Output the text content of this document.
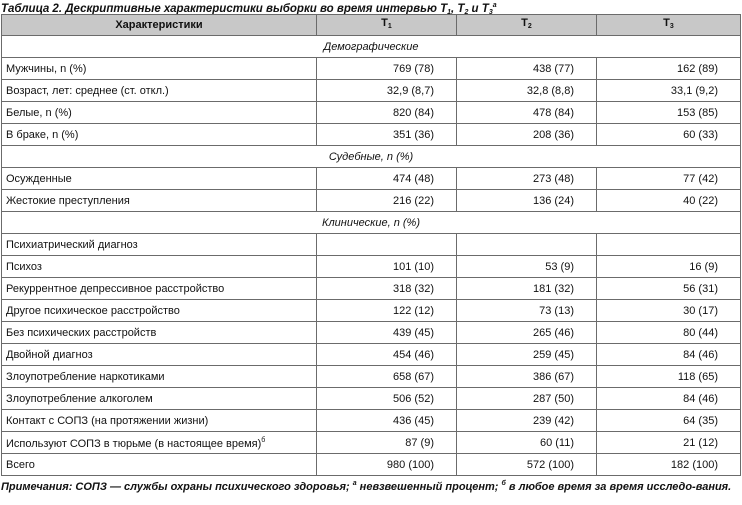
Таблица 2. Дескриптивные характеристики выборки во время интервью $T_1$, $T_2$ и $T_3^а$
Характеристики	$T_1$	$T_2$	$T_3$
Демографические			
Мужчины, n (%)	769 (78)	438 (77)	162 (89)
Возраст, лет: среднее (ст. откл.)	32,9 (8,7)	32,8 (8,8)	33,1 (9,2)
Белые, n (%)	820 (84)	478 (84)	153 (85)
В браке, n (%)	351 (36)	208 (36)	60 (33)
Судебные, n (%)			
Осужденные	474 (48)	273 (48)	77 (42)
Жестокие преступления	216 (22)	136 (24)	40 (22)
Клинические, n (%)			
Психиатрический диагноз			
Психоз	101 (10)	53 (9)	16 (9)
Рекуррентное депрессивное расстройство	318 (32)	181 (32)	56 (31)
Другое психическое расстройство	122 (12)	73 (13)	30 (17)
Без психических расстройств	439 (45)	265 (46)	80 (44)
Двойной диагноз	454 (46)	259 (45)	84 (46)
Злоупотребление наркотиками	658 (67)	386 (67)	118 (65)
Злоупотребление алкоголем	506 (52)	287 (50)	84 (46)
Контакт с СОПЗ (на протяжении жизни)	436 (45)	239 (42)	64 (35)
Используют СОПЗ в тюрьме (в настоящее время)$^б$	87 (9)	60 (11)	21 (12)
Всего	980 (100)	572 (100)	182 (100)
Примечания: СОПЗ — службы охраны психического здоровья; $^а$ невзвешенный процент; $^б$ в любое время за время исследо-вания.
